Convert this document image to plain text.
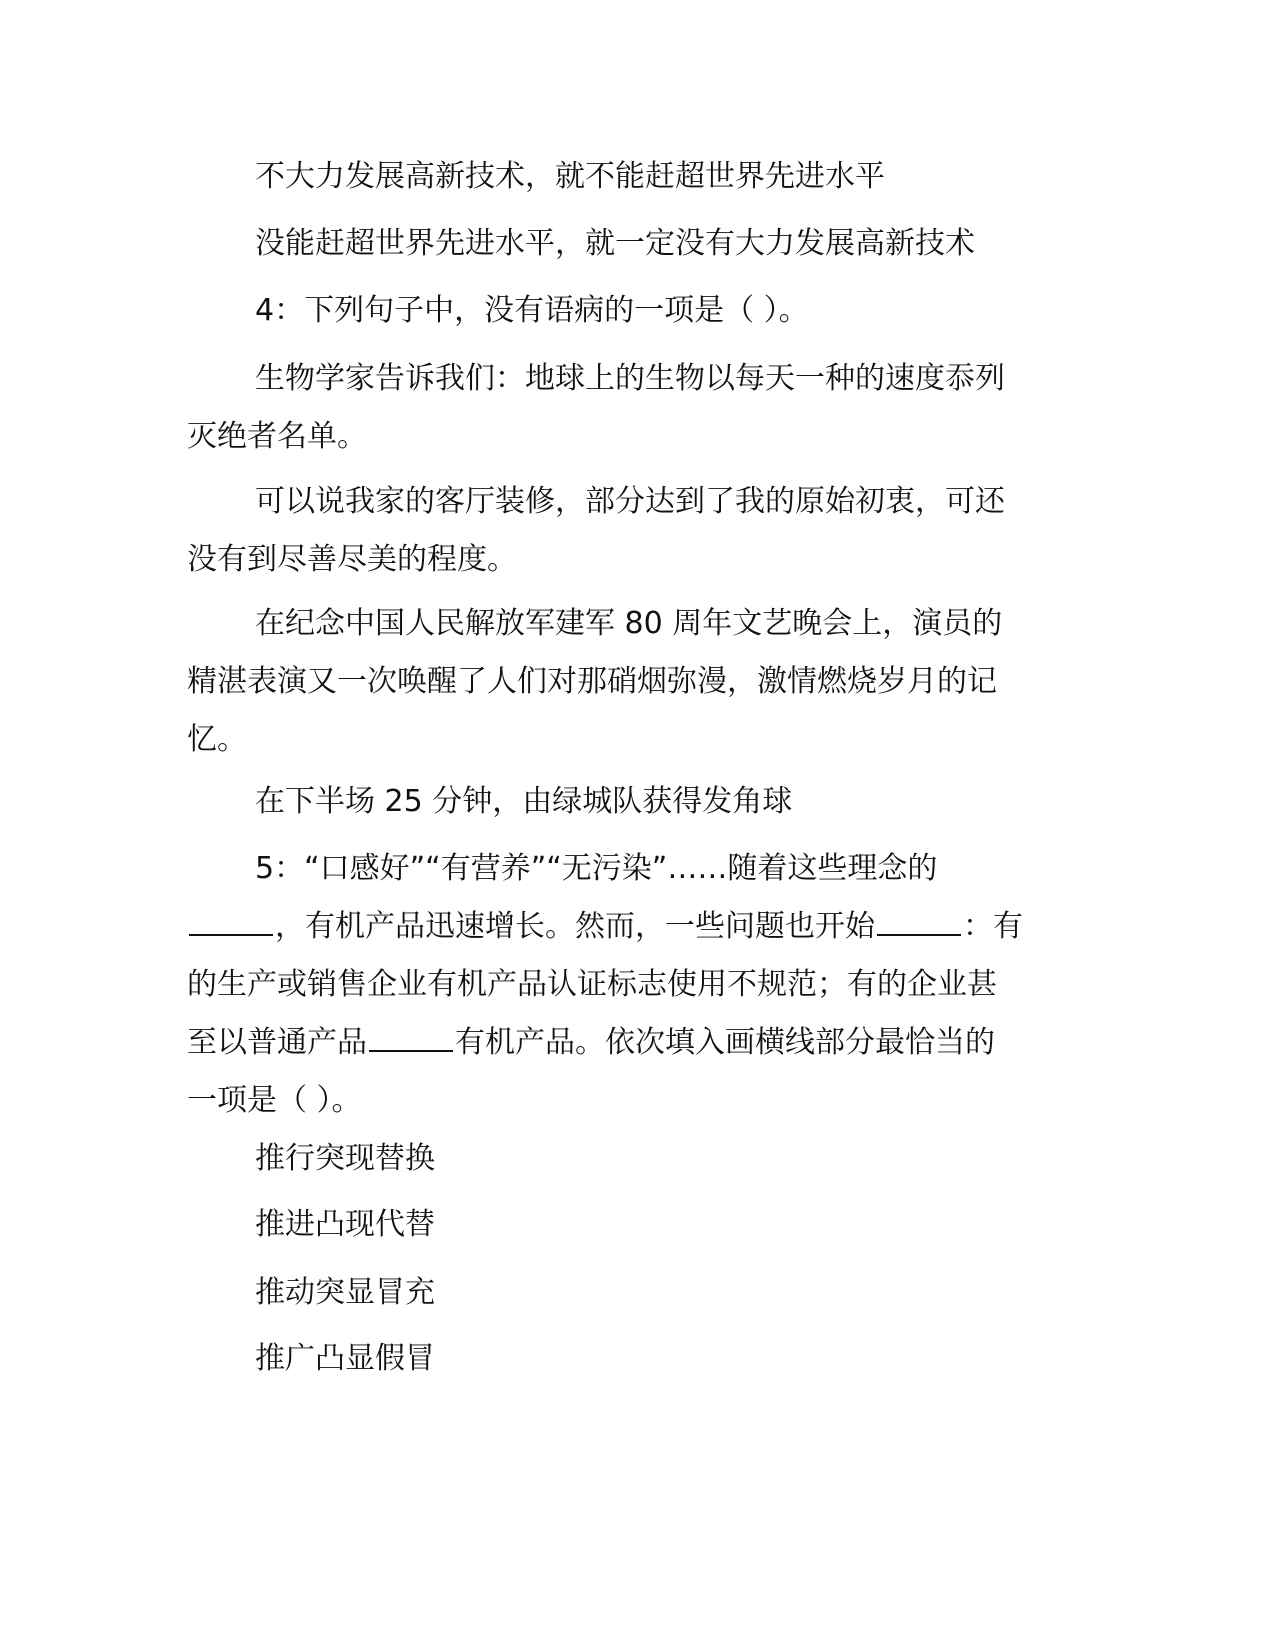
不大力发展高新技术，就不能赶超世界先进水平

没能赶超世界先进水平，就一定没有大力发展高新技术

4：下列句子中，没有语病的一项是（ ）。

生物学家告诉我们：地球上的生物以每天一种的速度忝列
灭绝者名单。
可以说我家的客厅装修，部分达到了我的原始初衷，可还
没有到尽善尽美的程度。
在纪念中国人民解放军建军 80 周年文艺晚会上，演员的
精湛表演又一次唤醒了人们对那硝烟弥漫，激情燃烧岁月的记
忆。

在下半场 25 分钟，由绿城队获得发角球

5：“口感好”“有营养”“无污染”……随着这些理念的
，有机产品迅速增长。然而，一些问题也开始	：有
的生产或销售企业有机产品认证标志使用不规范；有的企业甚
至以普通产品	有机产品。依次填入画横线部分最恰当的
一项是（ ）。

推行突现替换

推进凸现代替

推动突显冒充

推广凸显假冒
